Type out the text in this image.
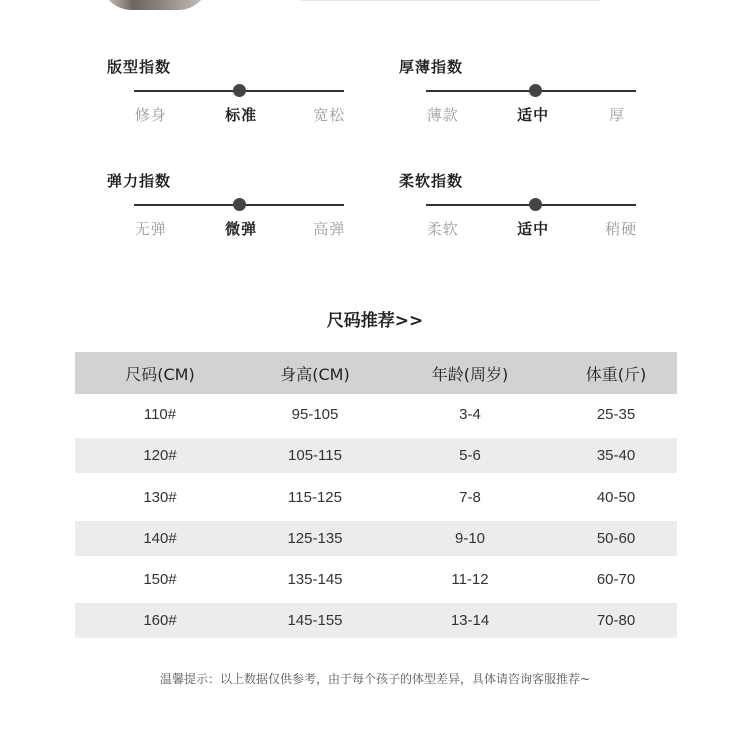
版型指数
修身	标准	宽松
厚薄指数
薄款	适中	厚
弹力指数
无弹	微弹	高弹
柔软指数
柔软	适中	稍硬
尺码推荐>>
尺码(CM)	身高(CM)	年龄(周岁)	体重(斤)
110#	95-105	3-4	25-35
120#	105-115	5-6	35-40
130#	115-125	7-8	40-50
140#	125-135	9-10	50-60
150#	135-145	11-12	60-70
160#	145-155	13-14	70-80
温馨提示：以上数据仅供参考，由于每个孩子的体型差异，具体请咨询客服推荐~
